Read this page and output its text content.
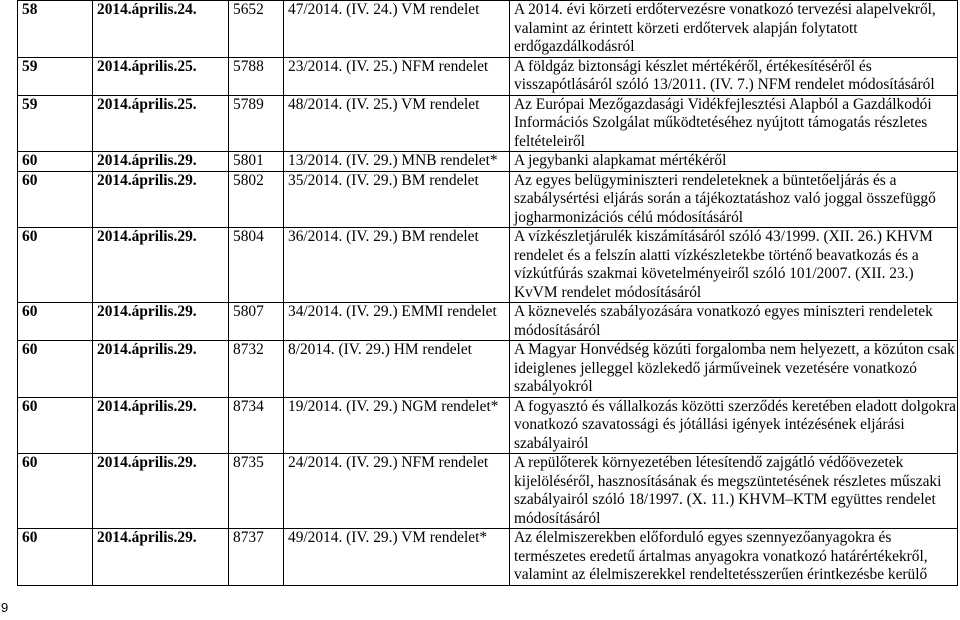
58	2014.április.24.	5652	47/2014. (IV. 24.) VM rendelet	A 2014. évi körzeti erdőtervezésre vonatkozó tervezési alapelvekről, valamint az érintett körzeti erdőtervek alapján folytatott erdőgazdálkodásról
59	2014.április.25.	5788	23/2014. (IV. 25.) NFM rendelet	A földgáz biztonsági készlet mértékéről, értékesítéséről és visszapótlásáról szóló 13/2011. (IV. 7.) NFM rendelet módosításáról
59	2014.április.25.	5789	48/2014. (IV. 25.) VM rendelet	Az Európai Mezőgazdasági Vidékfejlesztési Alapból a Gazdálkodói Információs Szolgálat működtetéséhez nyújtott támogatás részletes feltételeiről
60	2014.április.29.	5801	13/2014. (IV. 29.) MNB rendelet*	A jegybanki alapkamat mértékéről
60	2014.április.29.	5802	35/2014. (IV. 29.) BM rendelet	Az egyes belügyminiszteri rendeleteknek a büntetőeljárás és a szabálysértési eljárás során a tájékoztatáshoz való joggal összefüggő jogharmonizációs célú módosításáról
60	2014.április.29.	5804	36/2014. (IV. 29.) BM rendelet	A vízkészletjárulék kiszámításáról szóló 43/1999. (XII. 26.) KHVM rendelet és a felszín alatti vízkészletekbe történő beavatkozás és a vízkútfúrás szakmai követelményeiről szóló 101/2007. (XII. 23.) KvVM rendelet módosításáról
60	2014.április.29.	5807	34/2014. (IV. 29.) EMMI rendelet	A köznevelés szabályozására vonatkozó egyes miniszteri rendeletek módosításáról
60	2014.április.29.	8732	8/2014. (IV. 29.) HM rendelet	A Magyar Honvédség közúti forgalomba nem helyezett, a közúton csak ideiglenes jelleggel közlekedő járműveinek vezetésére vonatkozó szabályokról
60	2014.április.29.	8734	19/2014. (IV. 29.) NGM rendelet*	A fogyasztó és vállalkozás közötti szerződés keretében eladott dolgokra vonatkozó szavatossági és jótállási igények intézésének eljárási szabályairól
60	2014.április.29.	8735	24/2014. (IV. 29.) NFM rendelet	A repülőterek környezetében létesítendő zajgátló védőövezetek kijelöléséről, hasznosításának és megszüntetésének részletes műszaki szabályairól szóló 18/1997. (X. 11.) KHVM–KTM együttes rendelet módosításáról
60	2014.április.29.	8737	49/2014. (IV. 29.) VM rendelet*	Az élelmiszerekben előforduló egyes szennyezőanyagokra és természetes eredetű ártalmas anyagokra vonatkozó határértékekről, valamint az élelmiszerekkel rendeltetésszerűen érintkezésbe kerülő
9
